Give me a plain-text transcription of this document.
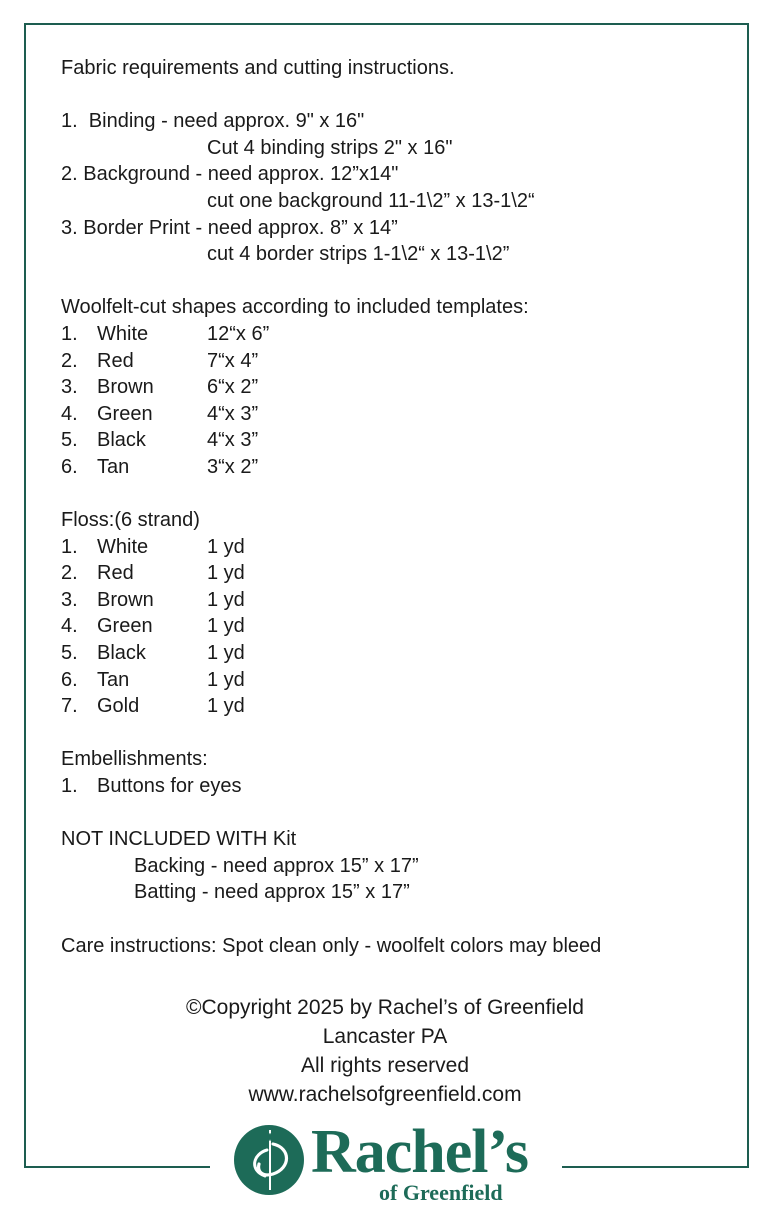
Fabric requirements and cutting instructions.
1.  Binding - need approx. 9" x 16"
Cut 4 binding strips 2" x 16"
2. Background - need approx. 12”x14"
cut one background 11-1\2” x 13-1\2“
3. Border Print - need approx. 8” x 14”
cut 4 border strips 1-1\2“ x 13-1\2”
Woolfelt-cut shapes according to included templates:
1. White	12“x 6”
2. Red	7“x 4”
3. Brown	6“x 2”
4. Green	4“x 3”
5. Black	4“x 3”
6. Tan	3“x 2”
Floss:(6 strand)
1. White	1 yd
2. Red	1 yd
3. Brown	1 yd
4. Green	1 yd
5. Black	1 yd
6. Tan	1 yd
7. Gold	1 yd
Embellishments:
1. Buttons for eyes
NOT INCLUDED WITH Kit
Backing - need approx 15” x 17”
Batting - need approx 15” x 17”
Care instructions: Spot clean only - woolfelt colors may bleed
©Copyright 2025 by Rachel’s of Greenfield
Lancaster PA
All rights reserved
www.rachelsofgreenfield.com
Rachel’s
of Greenfield
